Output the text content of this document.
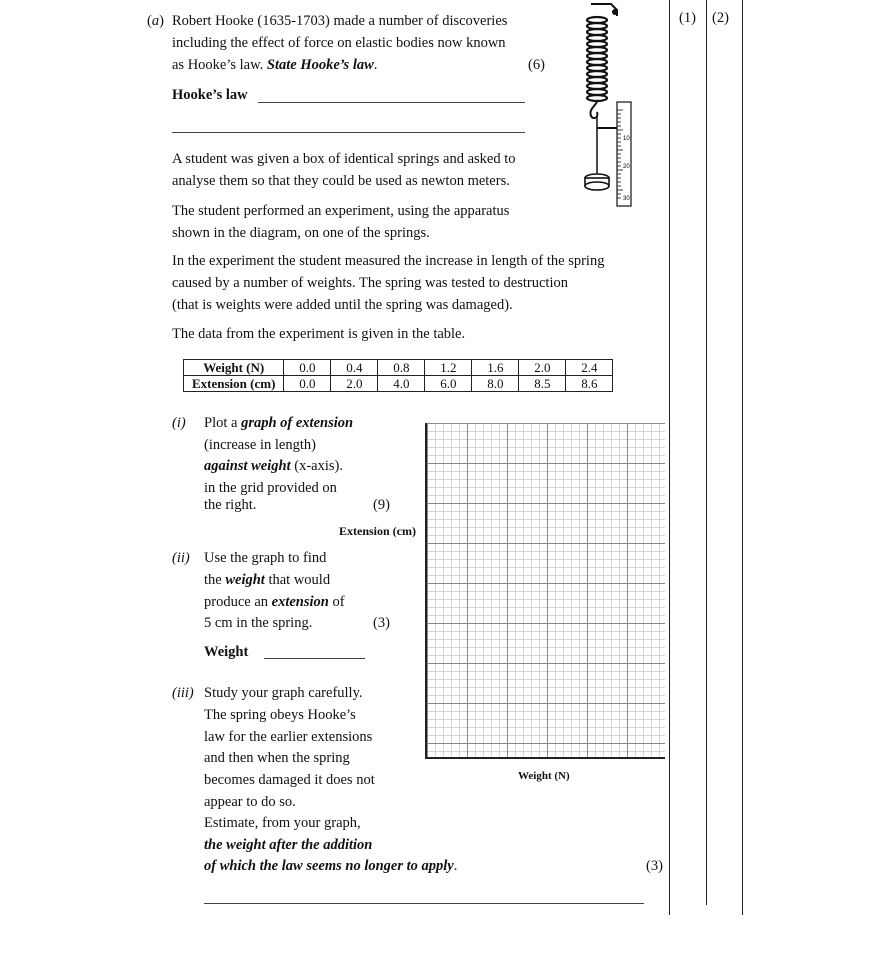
(1) (2)
(a) Robert Hooke (1635-1703) made a number of discoveries
including the effect of force on elastic bodies now known
as Hooke’s law. State Hooke’s law.	(6)
Hooke’s law
A student was given a box of identical springs and asked to
analyse them so that they could be used as newton meters.
The student performed an experiment, using the apparatus
shown in the diagram, on one of the springs.
In the experiment the student measured the increase in length of the spring
caused by a number of weights. The spring was tested to destruction
(that is weights were added until the spring was damaged).
The data from the experiment is given in the table.
10
20
30
Weight (N)	0.0	0.4	0.8	1.2	1.6	2.0	2.4
Extension (cm)	0.0	2.0	4.0	6.0	8.0	8.5	8.6
(i) Plot a graph of extension
(increase in length)
against weight (x-axis).
in the grid provided on
the right.	(9)
Extension (cm)
Weight (N)
(ii) Use the graph to find
the weight that would
produce an extension of
5 cm in the spring.	(3)
Weight
(iii) Study your graph carefully.
The spring obeys Hooke’s
law for the earlier extensions
and then when the spring
becomes damaged it does not
appear to do so.
Estimate, from your graph,
the weight after the addition
of which the law seems no longer to apply.	(3)
